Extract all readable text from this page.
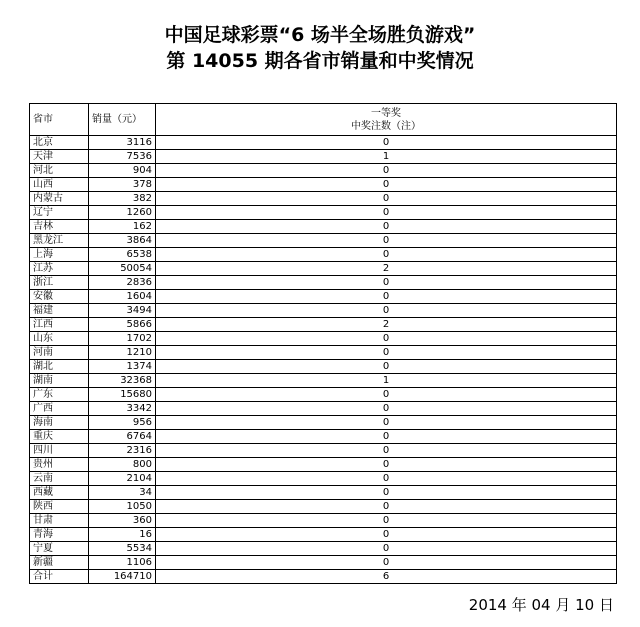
中国足球彩票“6 场半全场胜负游戏”
第 14055 期各省市销量和中奖情况
省市	销量（元）	一等奖
中奖注数（注）

北京	3116	0
天津	7536	1
河北	904	0
山西	378	0
内蒙古	382	0
辽宁	1260	0
吉林	162	0
黑龙江	3864	0
上海	6538	0
江苏	50054	2
浙江	2836	0
安徽	1604	0
福建	3494	0
江西	5866	2
山东	1702	0
河南	1210	0
湖北	1374	0
湖南	32368	1
广东	15680	0
广西	3342	0
海南	956	0
重庆	6764	0
四川	2316	0
贵州	800	0
云南	2104	0
西藏	34	0
陕西	1050	0
甘肃	360	0
青海	16	0
宁夏	5534	0
新疆	1106	0
合计	164710	6
2014 年 04 月 10 日
